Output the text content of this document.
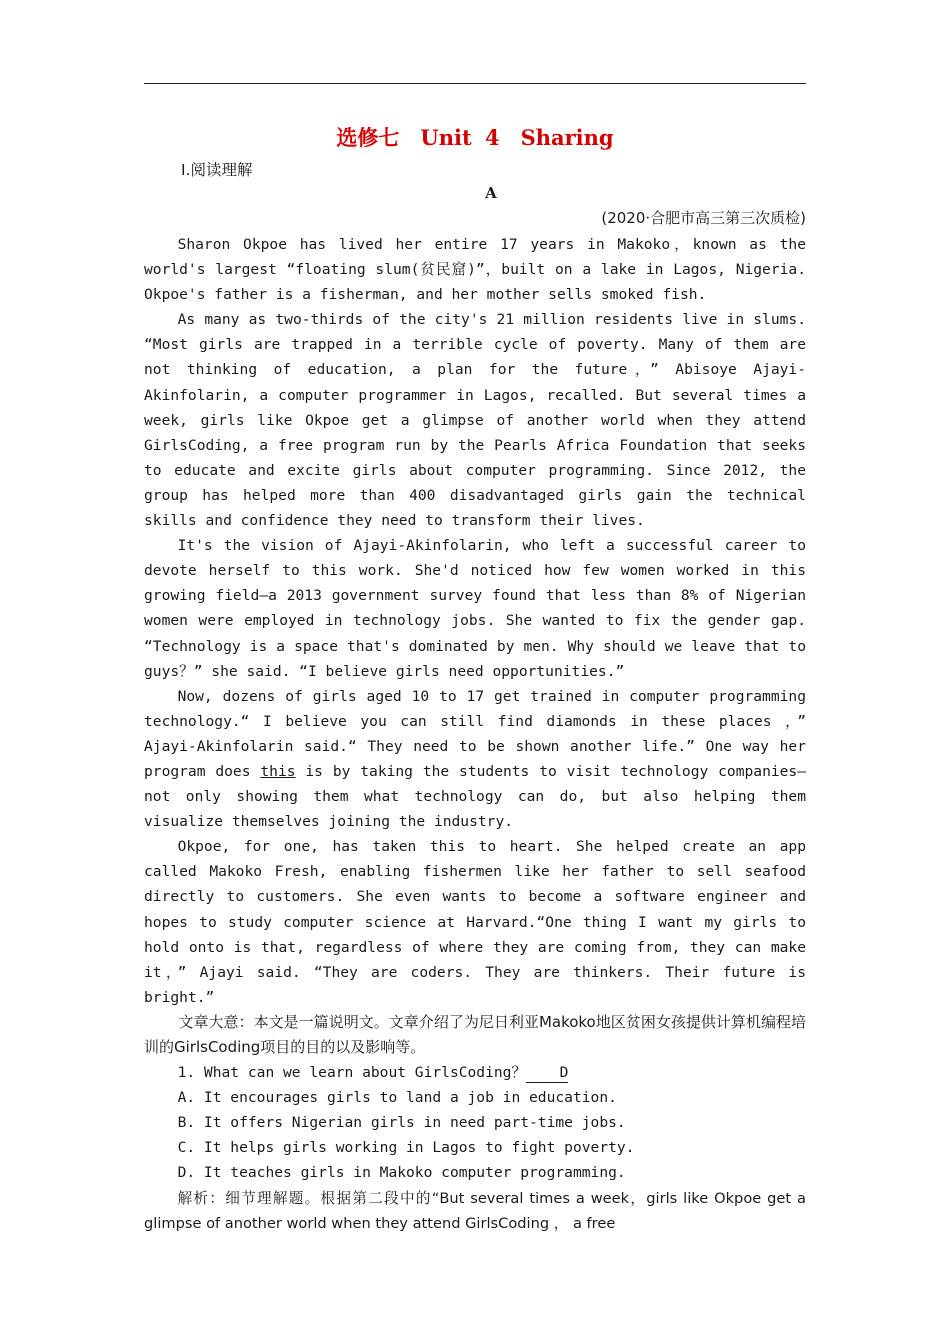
选修七　Unit 4　Sharing
Ⅰ.阅读理解
A
(2020·合肥市高三第三次质检)

Sharon Okpoe has lived her entire 17 years in Makoko，known as the world's largest “floating slum(贫民窟)”，built on a lake in Lagos, Nigeria. Okpoe's father is a fisherman, and her mother sells smoked fish.

As many as two-thirds of the city's 21 million residents live in slums. “Most girls are trapped in a terrible cycle of poverty. Many of them are not thinking of education, a plan for the future，” Abisoye Ajayi-Akinfolarin, a computer programmer in Lagos, recalled. But several times a week, girls like Okpoe get a glimpse of another world when they attend GirlsCoding, a free program run by the Pearls Africa Foundation that seeks to educate and excite girls about computer programming. Since 2012, the group has helped more than 400 disadvantaged girls gain the technical skills and confidence they need to transform their lives.

It's the vision of Ajayi-Akinfolarin, who left a successful career to devote herself to this work. She'd noticed how few women worked in this growing field—a 2013 government survey found that less than 8% of Nigerian women were employed in technology jobs. She wanted to fix the gender gap. “Technology is a space that's dominated by men. Why should we leave that to guys？” she said. “I believe girls need opportunities.”

Now, dozens of girls aged 10 to 17 get trained in computer programming technology.“ I believe you can still find diamonds in these places ，” Ajayi-Akinfolarin said.“ They need to be shown another life.” One way her program does this is by taking the students to visit technology companies—not only showing them what technology can do, but also helping them visualize themselves joining the industry.

Okpoe, for one, has taken this to heart. She helped create an app called Makoko Fresh, enabling fishermen like her father to sell seafood directly to customers. She even wants to become a software engineer and hopes to study computer science at Harvard.“One thing I want my girls to hold onto is that, regardless of where they are coming from, they can make it，” Ajayi said. “They are coders. They are thinkers. Their future is bright.”

文章大意：本文是一篇说明文。文章介绍了为尼日利亚Makoko地区贫困女孩提供计算机编程培训的GirlsCoding项目的目的以及影响等。

1. What can we learn about GirlsCoding？ D

A. It encourages girls to land a job in education.

B. It offers Nigerian girls in need part-time jobs.

C. It helps girls working in Lagos to fight poverty.

D. It teaches girls in Makoko computer programming.

解析：细节理解题。根据第二段中的“But several times a week，girls like Okpoe get a glimpse of another world when they attend GirlsCoding ， a free
